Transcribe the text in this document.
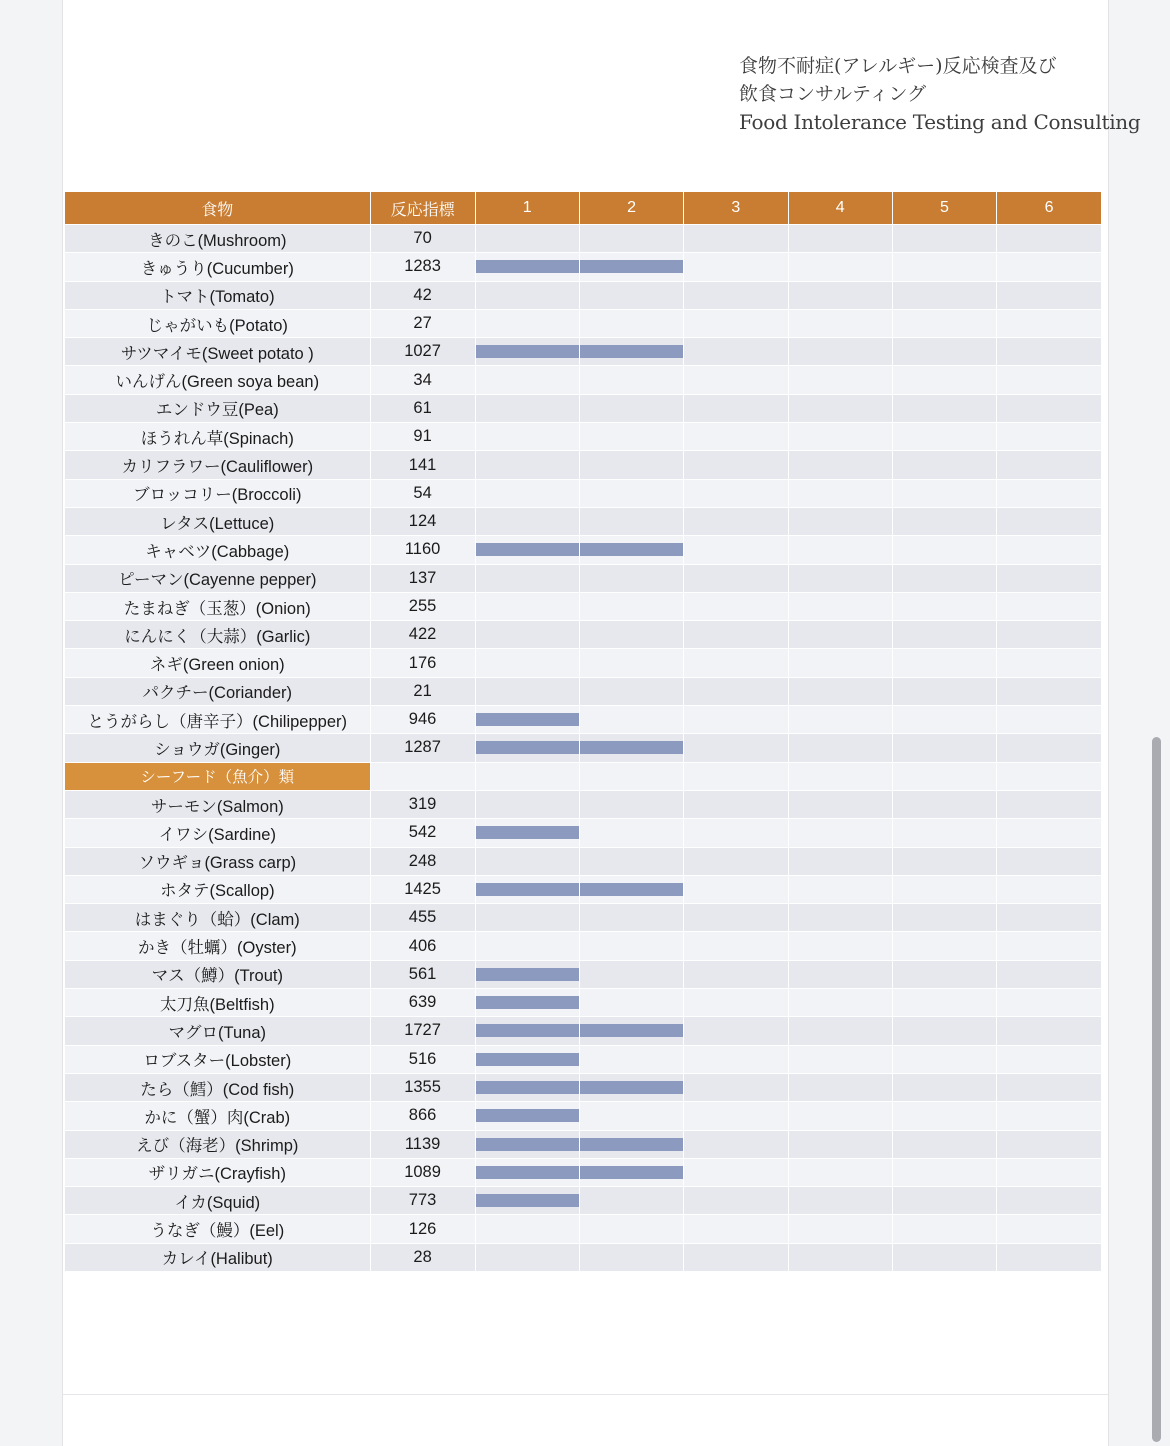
食物不耐症(アレルギー)反応検査及び
飲食コンサルティング
Food Intolerance Testing and Consulting
食物	反応指標	1	2	3	4	5	6
きのこ(Mushroom)	70						
きゅうり(Cucumber)	1283	

トマト(Tomato)	42						
じゃがいも(Potato)	27						
サツマイモ(Sweet potato )	1027	

いんげん(Green soya bean)	34						
エンドウ豆(Pea)	61						
ほうれん草(Spinach)	91						
カリフラワー(Cauliflower)	141						
ブロッコリー(Broccoli)	54						
レタス(Lettuce)	124						
キャベツ(Cabbage)	1160	

ピーマン(Cayenne pepper)	137						
たまねぎ（玉葱）(Onion)	255						
にんにく（大蒜）(Garlic)	422						
ネギ(Green onion)	176						
パクチー(Coriander)	21						
とうがらし（唐辛子）(Chilipepper)	946	

ショウガ(Ginger)	1287	

シーフード（魚介）類							
サーモン(Salmon)	319						
イワシ(Sardine)	542	

ソウギョ(Grass carp)	248						
ホタテ(Scallop)	1425	

はまぐり（蛤）(Clam)	455						
かき（牡蠣）(Oyster)	406						
マス（鱒）(Trout)	561	

太刀魚(Beltfish)	639	

マグロ(Tuna)	1727	

ロブスター(Lobster)	516	

たら（鱈）(Cod fish)	1355	

かに（蟹）肉(Crab)	866	

えび（海老）(Shrimp)	1139	

ザリガニ(Crayfish)	1089	

イカ(Squid)	773	

うなぎ（鰻）(Eel)	126						
カレイ(Halibut)	28						
